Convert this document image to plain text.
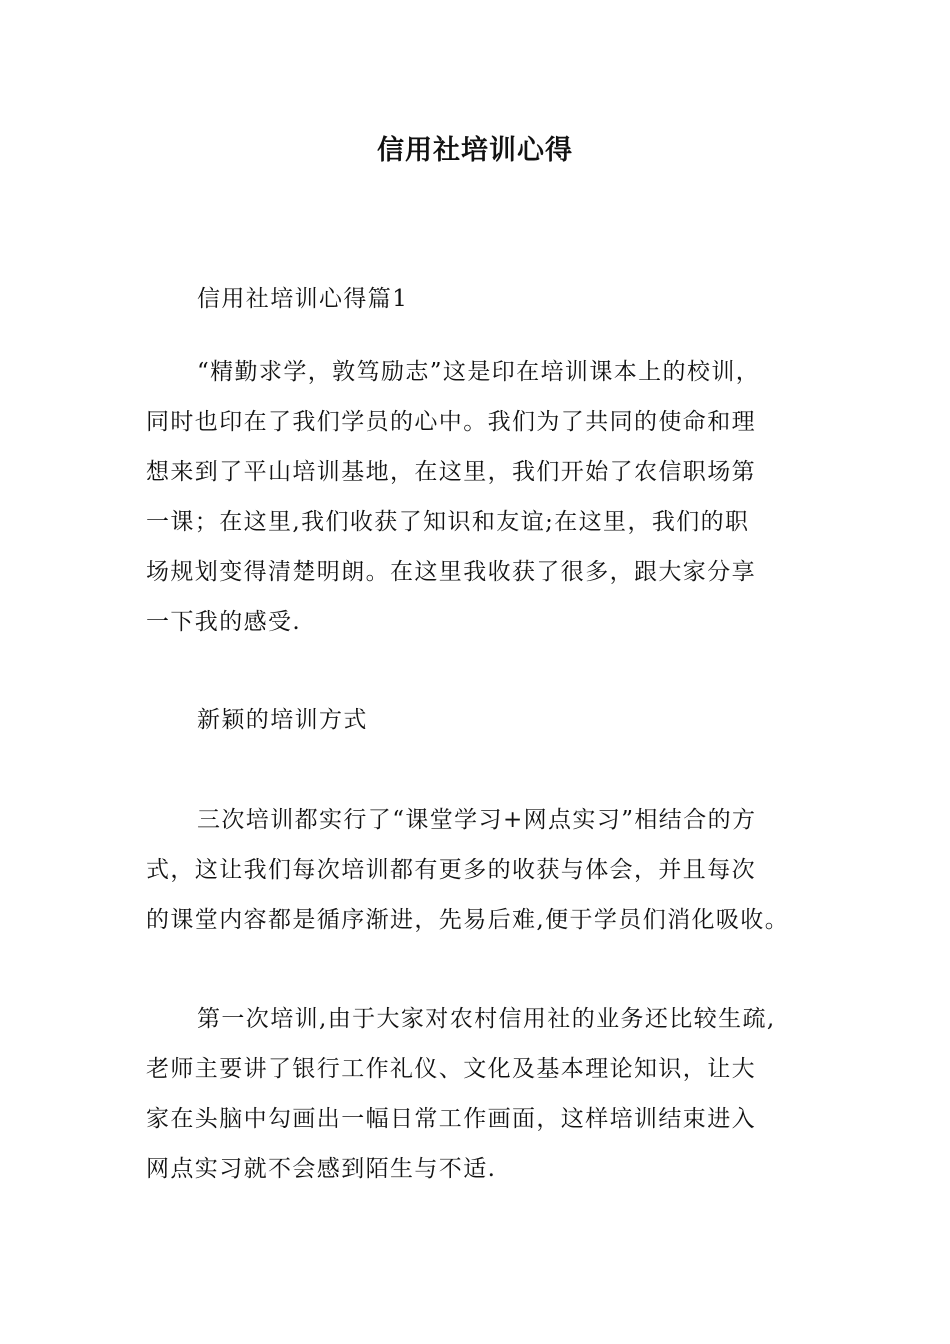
信用社培训心得
信用社培训心得篇1
“精勤求学，敦笃励志”这是印在培训课本上的校训，
同时也印在了我们学员的心中。我们为了共同的使命和理
想来到了平山培训基地，在这里，我们开始了农信职场第
一课；在这里,我们收获了知识和友谊;在这里，我们的职
场规划变得清楚明朗。在这里我收获了很多，跟大家分享
一下我的感受.
新颖的培训方式
三次培训都实行了“课堂学习+网点实习”相结合的方
式，这让我们每次培训都有更多的收获与体会，并且每次
的课堂内容都是循序渐进，先易后难,便于学员们消化吸收。
第一次培训,由于大家对农村信用社的业务还比较生疏,
老师主要讲了银行工作礼仪、文化及基本理论知识，让大
家在头脑中勾画出一幅日常工作画面，这样培训结束进入
网点实习就不会感到陌生与不适.
